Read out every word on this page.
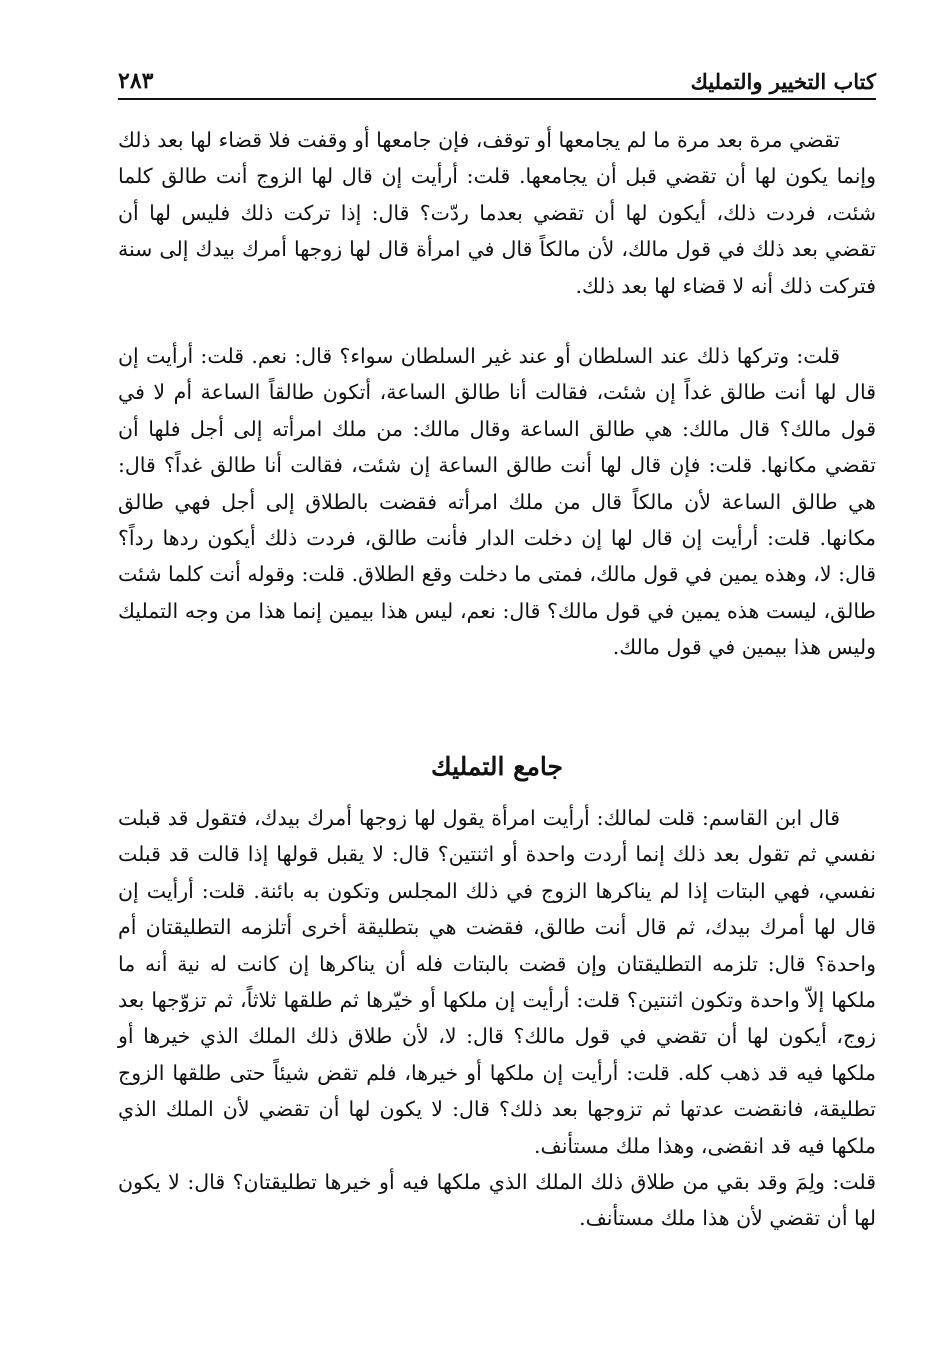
كتاب التخيير والتمليك
٢٨٣

تقضي مرة بعد مرة ما لم يجامعها أو توقف، فإن جامعها أو وقفت فلا قضاء لها بعد ذلك وإنما يكون لها أن تقضي قبل أن يجامعها. قلت: أرأيت إن قال لها الزوج أنت طالق كلما شئت، فردت ذلك، أيكون لها أن تقضي بعدما ردّت؟ قال: إذا تركت ذلك فليس لها أن تقضي بعد ذلك في قول مالك، لأن مالكاً قال في امرأة قال لها زوجها أمرك بيدك إلى سنة فتركت ذلك أنه لا قضاء لها بعد ذلك.

قلت: وتركها ذلك عند السلطان أو عند غير السلطان سواء؟ قال: نعم. قلت: أرأيت إن قال لها أنت طالق غداً إن شئت، فقالت أنا طالق الساعة، أتكون طالقاً الساعة أم لا في قول مالك؟ قال مالك: هي طالق الساعة وقال مالك: من ملك امرأته إلى أجل فلها أن تقضي مكانها. قلت: فإن قال لها أنت طالق الساعة إن شئت، فقالت أنا طالق غداً؟ قال: هي طالق الساعة لأن مالكاً قال من ملك امرأته فقضت بالطلاق إلى أجل فهي طالق مكانها. قلت: أرأيت إن قال لها إن دخلت الدار فأنت طالق، فردت ذلك أيكون ردها رداً؟ قال: لا، وهذه يمين في قول مالك، فمتى ما دخلت وقع الطلاق. قلت: وقوله أنت كلما شئت طالق، ليست هذه يمين في قول مالك؟ قال: نعم، ليس هذا بيمين إنما هذا من وجه التمليك وليس هذا بيمين في قول مالك.

جامع التمليك

قال ابن القاسم: قلت لمالك: أرأيت امرأة يقول لها زوجها أمرك بيدك، فتقول قد قبلت نفسي ثم تقول بعد ذلك إنما أردت واحدة أو اثنتين؟ قال: لا يقبل قولها إذا قالت قد قبلت نفسي، فهي البتات إذا لم يناكرها الزوج في ذلك المجلس وتكون به بائنة. قلت: أرأيت إن قال لها أمرك بيدك، ثم قال أنت طالق، فقضت هي بتطليقة أخرى أتلزمه التطليقتان أم واحدة؟ قال: تلزمه التطليقتان وإن قضت بالبتات فله أن يناكرها إن كانت له نية أنه ما ملكها إلاّ واحدة وتكون اثنتين؟ قلت: أرأيت إن ملكها أو خيّرها ثم طلقها ثلاثاً، ثم تزوّجها بعد زوج، أيكون لها أن تقضي في قول مالك؟ قال: لا، لأن طلاق ذلك الملك الذي خيرها أو ملكها فيه قد ذهب كله. قلت: أرأيت إن ملكها أو خيرها، فلم تقض شيئاً حتى طلقها الزوج تطليقة، فانقضت عدتها ثم تزوجها بعد ذلك؟ قال: لا يكون لها أن تقضي لأن الملك الذي ملكها فيه قد انقضى، وهذا ملك مستأنف.

قلت: ولِمَ وقد بقي من طلاق ذلك الملك الذي ملكها فيه أو خيرها تطليقتان؟ قال: لا يكون لها أن تقضي لأن هذا ملك مستأنف.
